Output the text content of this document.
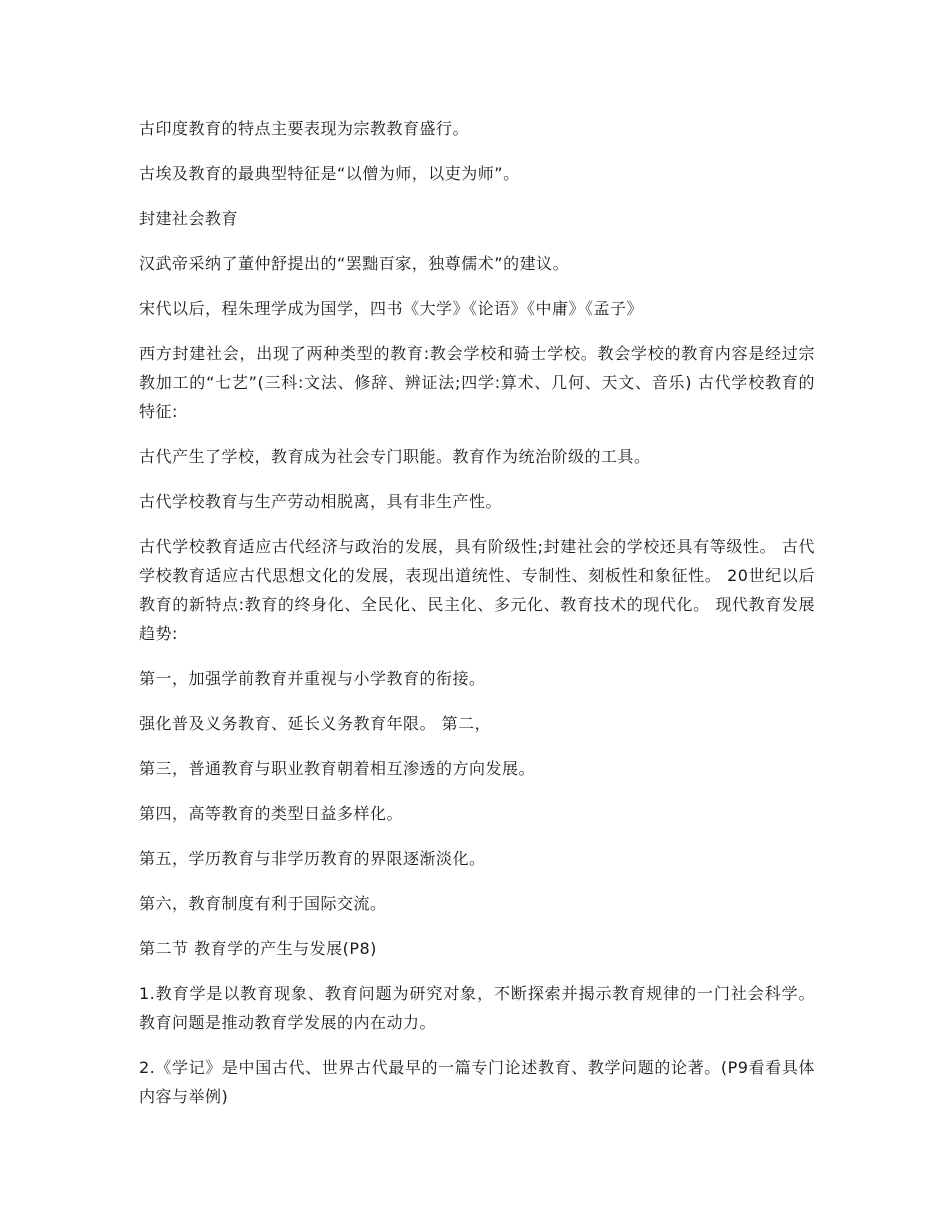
古印度教育的特点主要表现为宗教教育盛行。

古埃及教育的最典型特征是“以僧为师，以吏为师”。

封建社会教育

汉武帝采纳了董仲舒提出的“罢黜百家，独尊儒术”的建议。

宋代以后，程朱理学成为国学，四书《大学》《论语》《中庸》《孟子》

西方封建社会，出现了两种类型的教育:教会学校和骑士学校。教会学校的教育内容是经过宗教加工的“七艺”(三科:文法、修辞、辨证法;四学:算术、几何、天文、音乐) 古代学校教育的特征:

古代产生了学校，教育成为社会专门职能。教育作为统治阶级的工具。

古代学校教育与生产劳动相脱离，具有非生产性。

古代学校教育适应古代经济与政治的发展，具有阶级性;封建社会的学校还具有等级性。 古代学校教育适应古代思想文化的发展，表现出道统性、专制性、刻板性和象征性。 20世纪以后教育的新特点:教育的终身化、全民化、民主化、多元化、教育技术的现代化。 现代教育发展趋势:

第一，加强学前教育并重视与小学教育的衔接。

强化普及义务教育、延长义务教育年限。 第二，

第三，普通教育与职业教育朝着相互渗透的方向发展。

第四，高等教育的类型日益多样化。

第五，学历教育与非学历教育的界限逐渐淡化。

第六，教育制度有利于国际交流。

第二节 教育学的产生与发展(P8)

1.教育学是以教育现象、教育问题为研究对象，不断探索并揭示教育规律的一门社会科学。教育问题是推动教育学发展的内在动力。

2.《学记》是中国古代、世界古代最早的一篇专门论述教育、教学问题的论著。(P9看看具体内容与举例)
